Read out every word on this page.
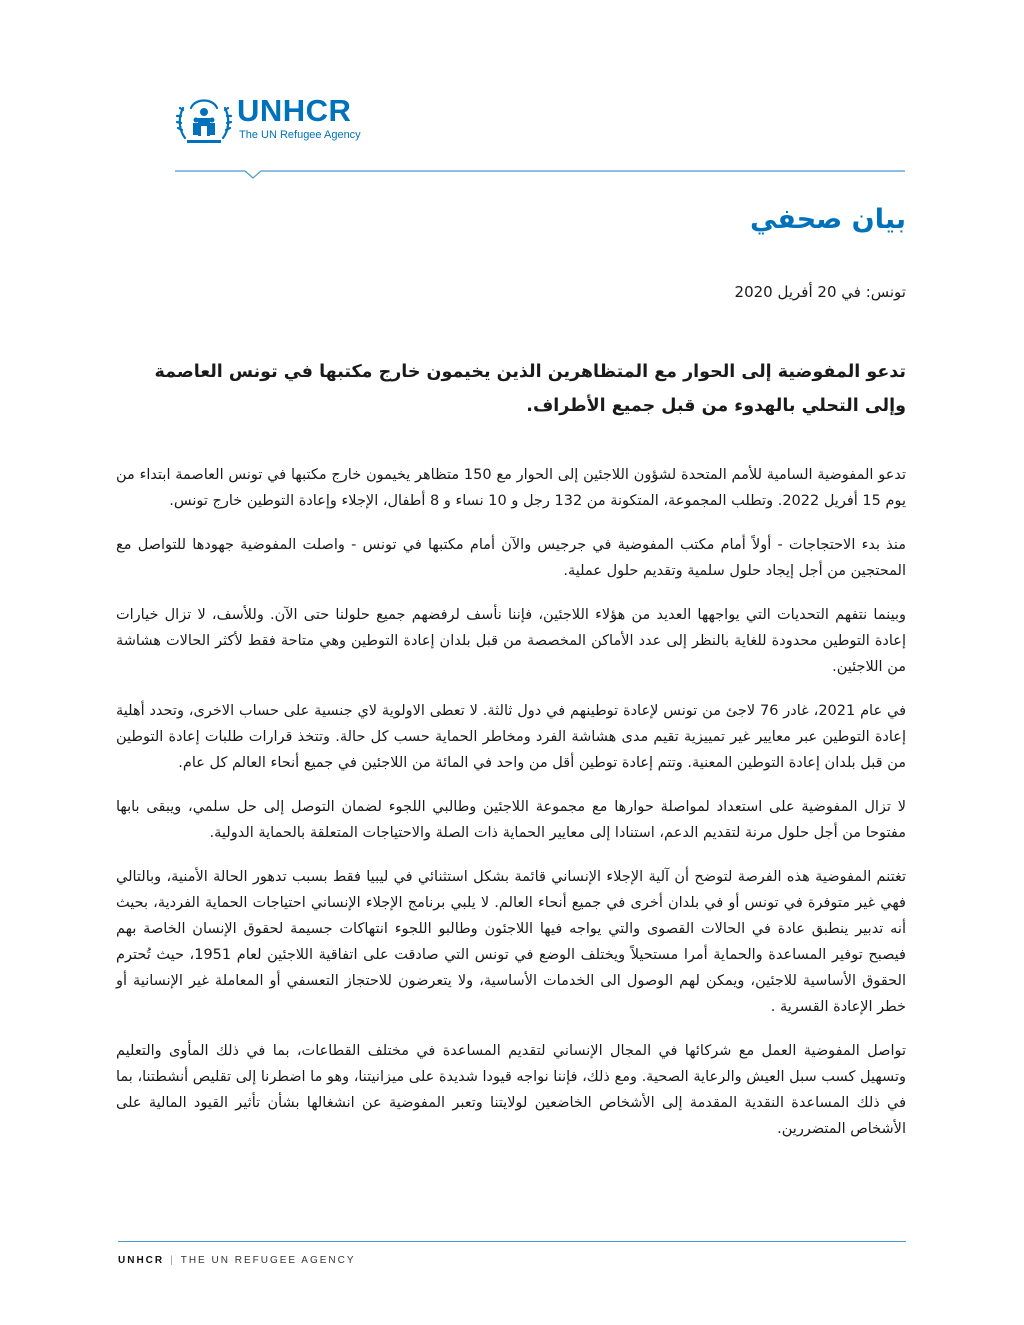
UNHCR
The UN Refugee Agency
بيان صحفي
تونس: في 20 أفريل 2020
تدعو المفوضية إلى الحوار مع المتظاهرين الذين يخيمون خارج مكتبها في تونس العاصمة وإلى التحلي بالهدوء من قبل جميع الأطراف.

تدعو المفوضية السامية للأمم المتحدة لشؤون اللاجئين إلى الحوار مع 150 متظاهر يخيمون خارج مكتبها في تونس العاصمة ابتداء من يوم 15 أفريل 2022. وتطلب المجموعة، المتكونة من 132 رجل و 10 نساء و 8 أطفال، الإجلاء وإعادة التوطين خارج تونس.

منذ بدء الاحتجاجات - أولاً أمام مكتب المفوضية في جرجيس والآن أمام مكتبها في تونس - واصلت المفوضية جهودها للتواصل مع المحتجين من أجل إيجاد حلول سلمية وتقديم حلول عملية.

وبينما نتفهم التحديات التي يواجهها العديد من هؤلاء اللاجئين، فإننا نأسف لرفضهم جميع حلولنا حتى الآن. وللأسف، لا تزال خيارات إعادة التوطين محدودة للغاية بالنظر إلى عدد الأماكن المخصصة من قبل بلدان إعادة التوطين وهي متاحة فقط لأكثر الحالات هشاشة من اللاجئين.

في عام 2021، غادر 76 لاجئ من تونس لإعادة توطينهم في دول ثالثة. لا تعطى الاولوية لاي جنسية على حساب الاخرى، وتحدد أهلية إعادة التوطين عبر معايير غير تمييزية تقيم مدى هشاشة الفرد ومخاطر الحماية حسب كل حالة. وتتخذ قرارات طلبات إعادة التوطين من قبل بلدان إعادة التوطين المعنية. وتتم إعادة توطين أقل من واحد في المائة من اللاجئين في جميع أنحاء العالم كل عام.

لا تزال المفوضية على استعداد لمواصلة حوارها مع مجموعة اللاجئين وطالبي اللجوء لضمان التوصل إلى حل سلمي، ويبقى بابها مفتوحا من أجل حلول مرنة لتقديم الدعم، استنادا إلى معايير الحماية ذات الصلة والاحتياجات المتعلقة بالحماية الدولية.

تغتنم المفوضية هذه الفرصة لتوضح أن آلية الإجلاء الإنساني قائمة بشكل استثنائي في ليبيا فقط بسبب تدهور الحالة الأمنية، وبالتالي فهي غير متوفرة في تونس أو في بلدان أخرى في جميع أنحاء العالم. لا يلبي برنامج الإجلاء الإنساني احتياجات الحماية الفردية، بحيث أنه تدبير ينطبق عادة في الحالات القصوى والتي يواجه فيها اللاجئون وطالبو اللجوء انتهاكات جسيمة لحقوق الإنسان الخاصة بهم فيصبح توفير المساعدة والحماية أمرا مستحيلاً ويختلف الوضع في تونس التي صادقت على اتفاقية اللاجئين لعام 1951، حيث تُحترم الحقوق الأساسية للاجئين، ويمكن لهم الوصول الى الخدمات الأساسية، ولا يتعرضون للاحتجاز التعسفي أو المعاملة غير الإنسانية أو خطر الإعادة القسرية .

تواصل المفوضية العمل مع شركائها في المجال الإنساني لتقديم المساعدة في مختلف القطاعات، بما في ذلك المأوى والتعليم وتسهيل كسب سبل العيش والرعاية الصحية. ومع ذلك، فإننا نواجه قيودا شديدة على ميزانيتنا، وهو ما اضطرنا إلى تقليص أنشطتنا، بما في ذلك المساعدة النقدية المقدمة إلى الأشخاص الخاضعين لولايتنا وتعبر المفوضية عن انشغالها بشأن تأثير القيود المالية على الأشخاص المتضررين.

UNHCR | THE UN REFUGEE AGENCY
